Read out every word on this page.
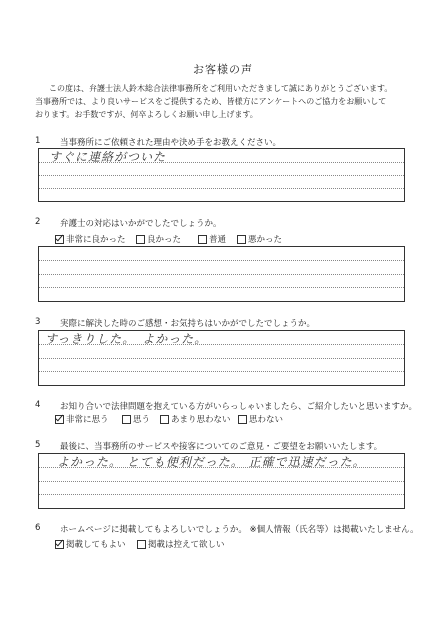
お客様の声
この度は、弁護士法人鈴木総合法律事務所をご利用いただきまして誠にありがとうございます。
当事務所では、より良いサービスをご提供するため、皆様方にアンケートへのご協力をお願いして
おります。お手数ですが、何卒よろしくお願い申し上げます。
1 当事務所にご依頼された理由や決め手をお教えください。
すぐに連絡がついた
2 弁護士の対応はいかがでしたでしょうか。
非常に良かった	良かった	普通	悪かった
3 実際に解決した時のご感想・お気持ちはいかがでしたでしょうか。
すっきりした。　よかった。
4 お知り合いで法律問題を抱えている方がいらっしゃいましたら、ご紹介したいと思いますか。
非常に思う	思う あまり思わない 思わない
5 最後に、当事務所のサービスや接客についてのご意見・ご要望をお願いいたします。
よかった。 とても便利だった。 正確で迅速だった。
6 ホームページに掲載してもよろしいでしょうか。 ※個人情報（氏名等）は掲載いたしません。
掲載してもよい	掲載は控えて欲しい
